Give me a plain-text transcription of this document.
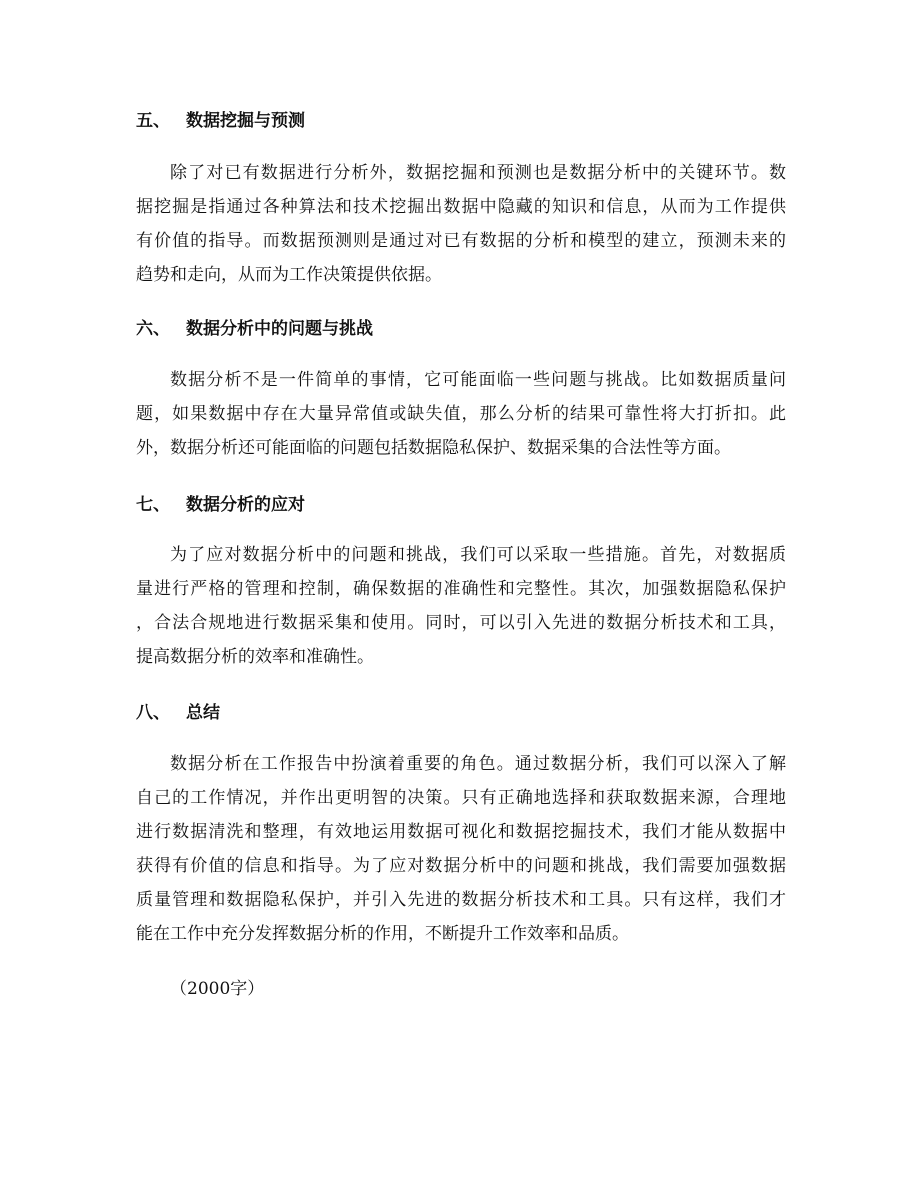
五、 数据挖掘与预测
除了对已有数据进行分析外，数据挖掘和预测也是数据分析中的关键环节。数
据挖掘是指通过各种算法和技术挖掘出数据中隐藏的知识和信息，从而为工作提供
有价值的指导。而数据预测则是通过对已有数据的分析和模型的建立，预测未来的
趋势和走向，从而为工作决策提供依据。
六、 数据分析中的问题与挑战
数据分析不是一件简单的事情，它可能面临一些问题与挑战。比如数据质量问
题，如果数据中存在大量异常值或缺失值，那么分析的结果可靠性将大打折扣。此
外，数据分析还可能面临的问题包括数据隐私保护、数据采集的合法性等方面。
七、 数据分析的应对
为了应对数据分析中的问题和挑战，我们可以采取一些措施。首先，对数据质
量进行严格的管理和控制，确保数据的准确性和完整性。其次，加强数据隐私保护
，合法合规地进行数据采集和使用。同时，可以引入先进的数据分析技术和工具，
提高数据分析的效率和准确性。
八、 总结
数据分析在工作报告中扮演着重要的角色。通过数据分析，我们可以深入了解
自己的工作情况，并作出更明智的决策。只有正确地选择和获取数据来源，合理地
进行数据清洗和整理，有效地运用数据可视化和数据挖掘技术，我们才能从数据中
获得有价值的信息和指导。为了应对数据分析中的问题和挑战，我们需要加强数据
质量管理和数据隐私保护，并引入先进的数据分析技术和工具。只有这样，我们才
能在工作中充分发挥数据分析的作用，不断提升工作效率和品质。
（2000字）
